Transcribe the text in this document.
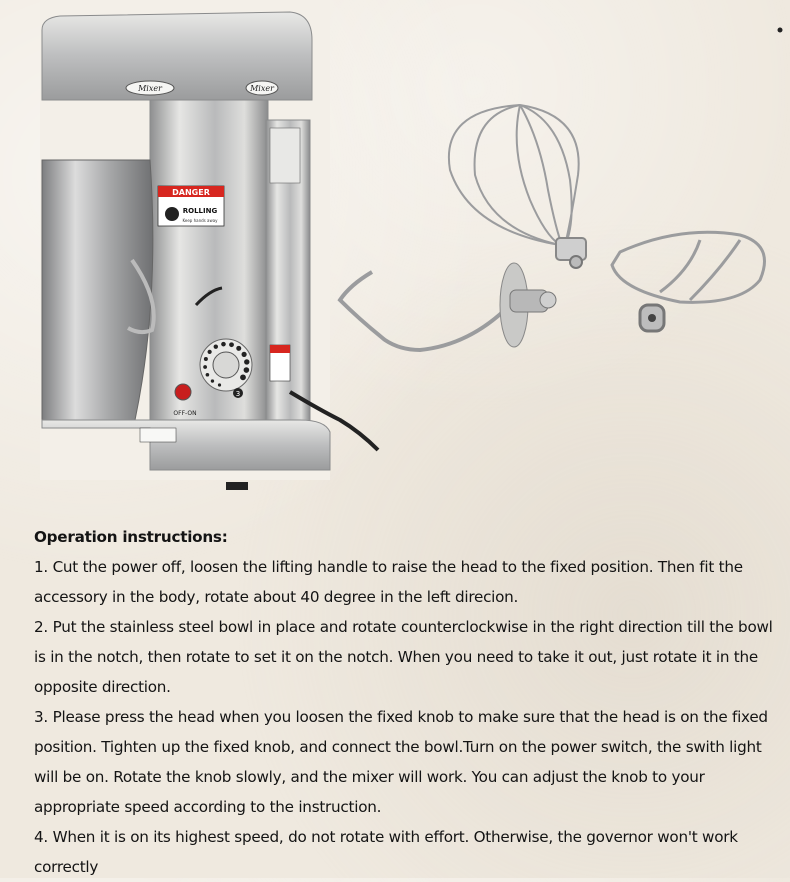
Mixer	Mixer
DANGER
ROLLING
Keep hands away
3
OFF-ON
Operation instructions:

1. Cut the power off, loosen the lifting handle to raise the head to the fixed position. Then fit the accessory in the body, rotate about 40 degree in the left direcion.

2. Put the stainless steel bowl in place and rotate counterclockwise in the right direction till the bowl is in the notch, then rotate to set it on the notch. When you need to take it out, just rotate it in the opposite direction.

3. Please press the head when you loosen the fixed knob to make sure that the head is on the fixed position. Tighten up the fixed knob, and connect the bowl.Turn on the power switch, the swith light will be on. Rotate the knob slowly, and the mixer will work. You can adjust the knob to your appropriate speed according to the instruction.

4. When it is on its highest speed, do not rotate with effort. Otherwise, the governor won't work correctly
